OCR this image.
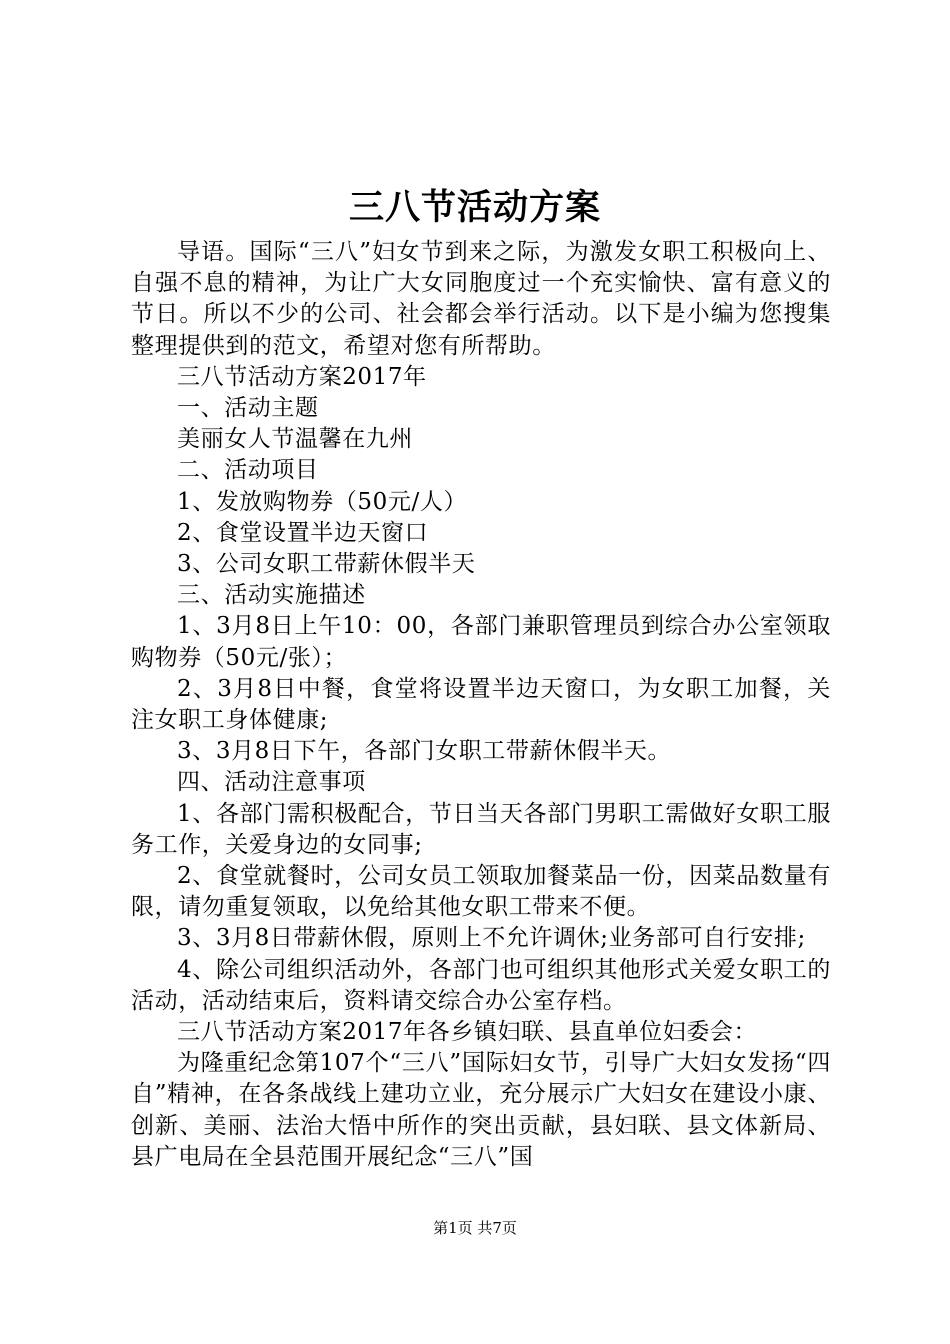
三八节活动方案

导语。国际“三八”妇女节到来之际，为激发女职工积极向上、自强不息的精神，为让广大女同胞度过一个充实愉快、富有意义的节日。所以不少的公司、社会都会举行活动。以下是小编为您搜集整理提供到的范文，希望对您有所帮助。

三八节活动方案2017年

一、活动主题

美丽女人节温馨在九州

二、活动项目

1、发放购物券（50元/人）

2、食堂设置半边天窗口

3、公司女职工带薪休假半天

三、活动实施描述

1、3月8日上午10：00，各部门兼职管理员到综合办公室领取购物券（50元/张）；

2、3月8日中餐，食堂将设置半边天窗口，为女职工加餐，关注女职工身体健康;

3、3月8日下午，各部门女职工带薪休假半天。

四、活动注意事项

1、各部门需积极配合，节日当天各部门男职工需做好女职工服务工作，关爱身边的女同事;

2、食堂就餐时，公司女员工领取加餐菜品一份，因菜品数量有限，请勿重复领取，以免给其他女职工带来不便。

3、3月8日带薪休假，原则上不允许调休;业务部可自行安排;

4、除公司组织活动外，各部门也可组织其他形式关爱女职工的活动，活动结束后，资料请交综合办公室存档。

三八节活动方案2017年各乡镇妇联、县直单位妇委会：

为隆重纪念第107个“三八”国际妇女节，引导广大妇女发扬“四自”精神，在各条战线上建功立业，充分展示广大妇女在建设小康、创新、美丽、法治大悟中所作的突出贡献，县妇联、县文体新局、县广电局在全县范围开展纪念“三八”国

第1页 共7页
